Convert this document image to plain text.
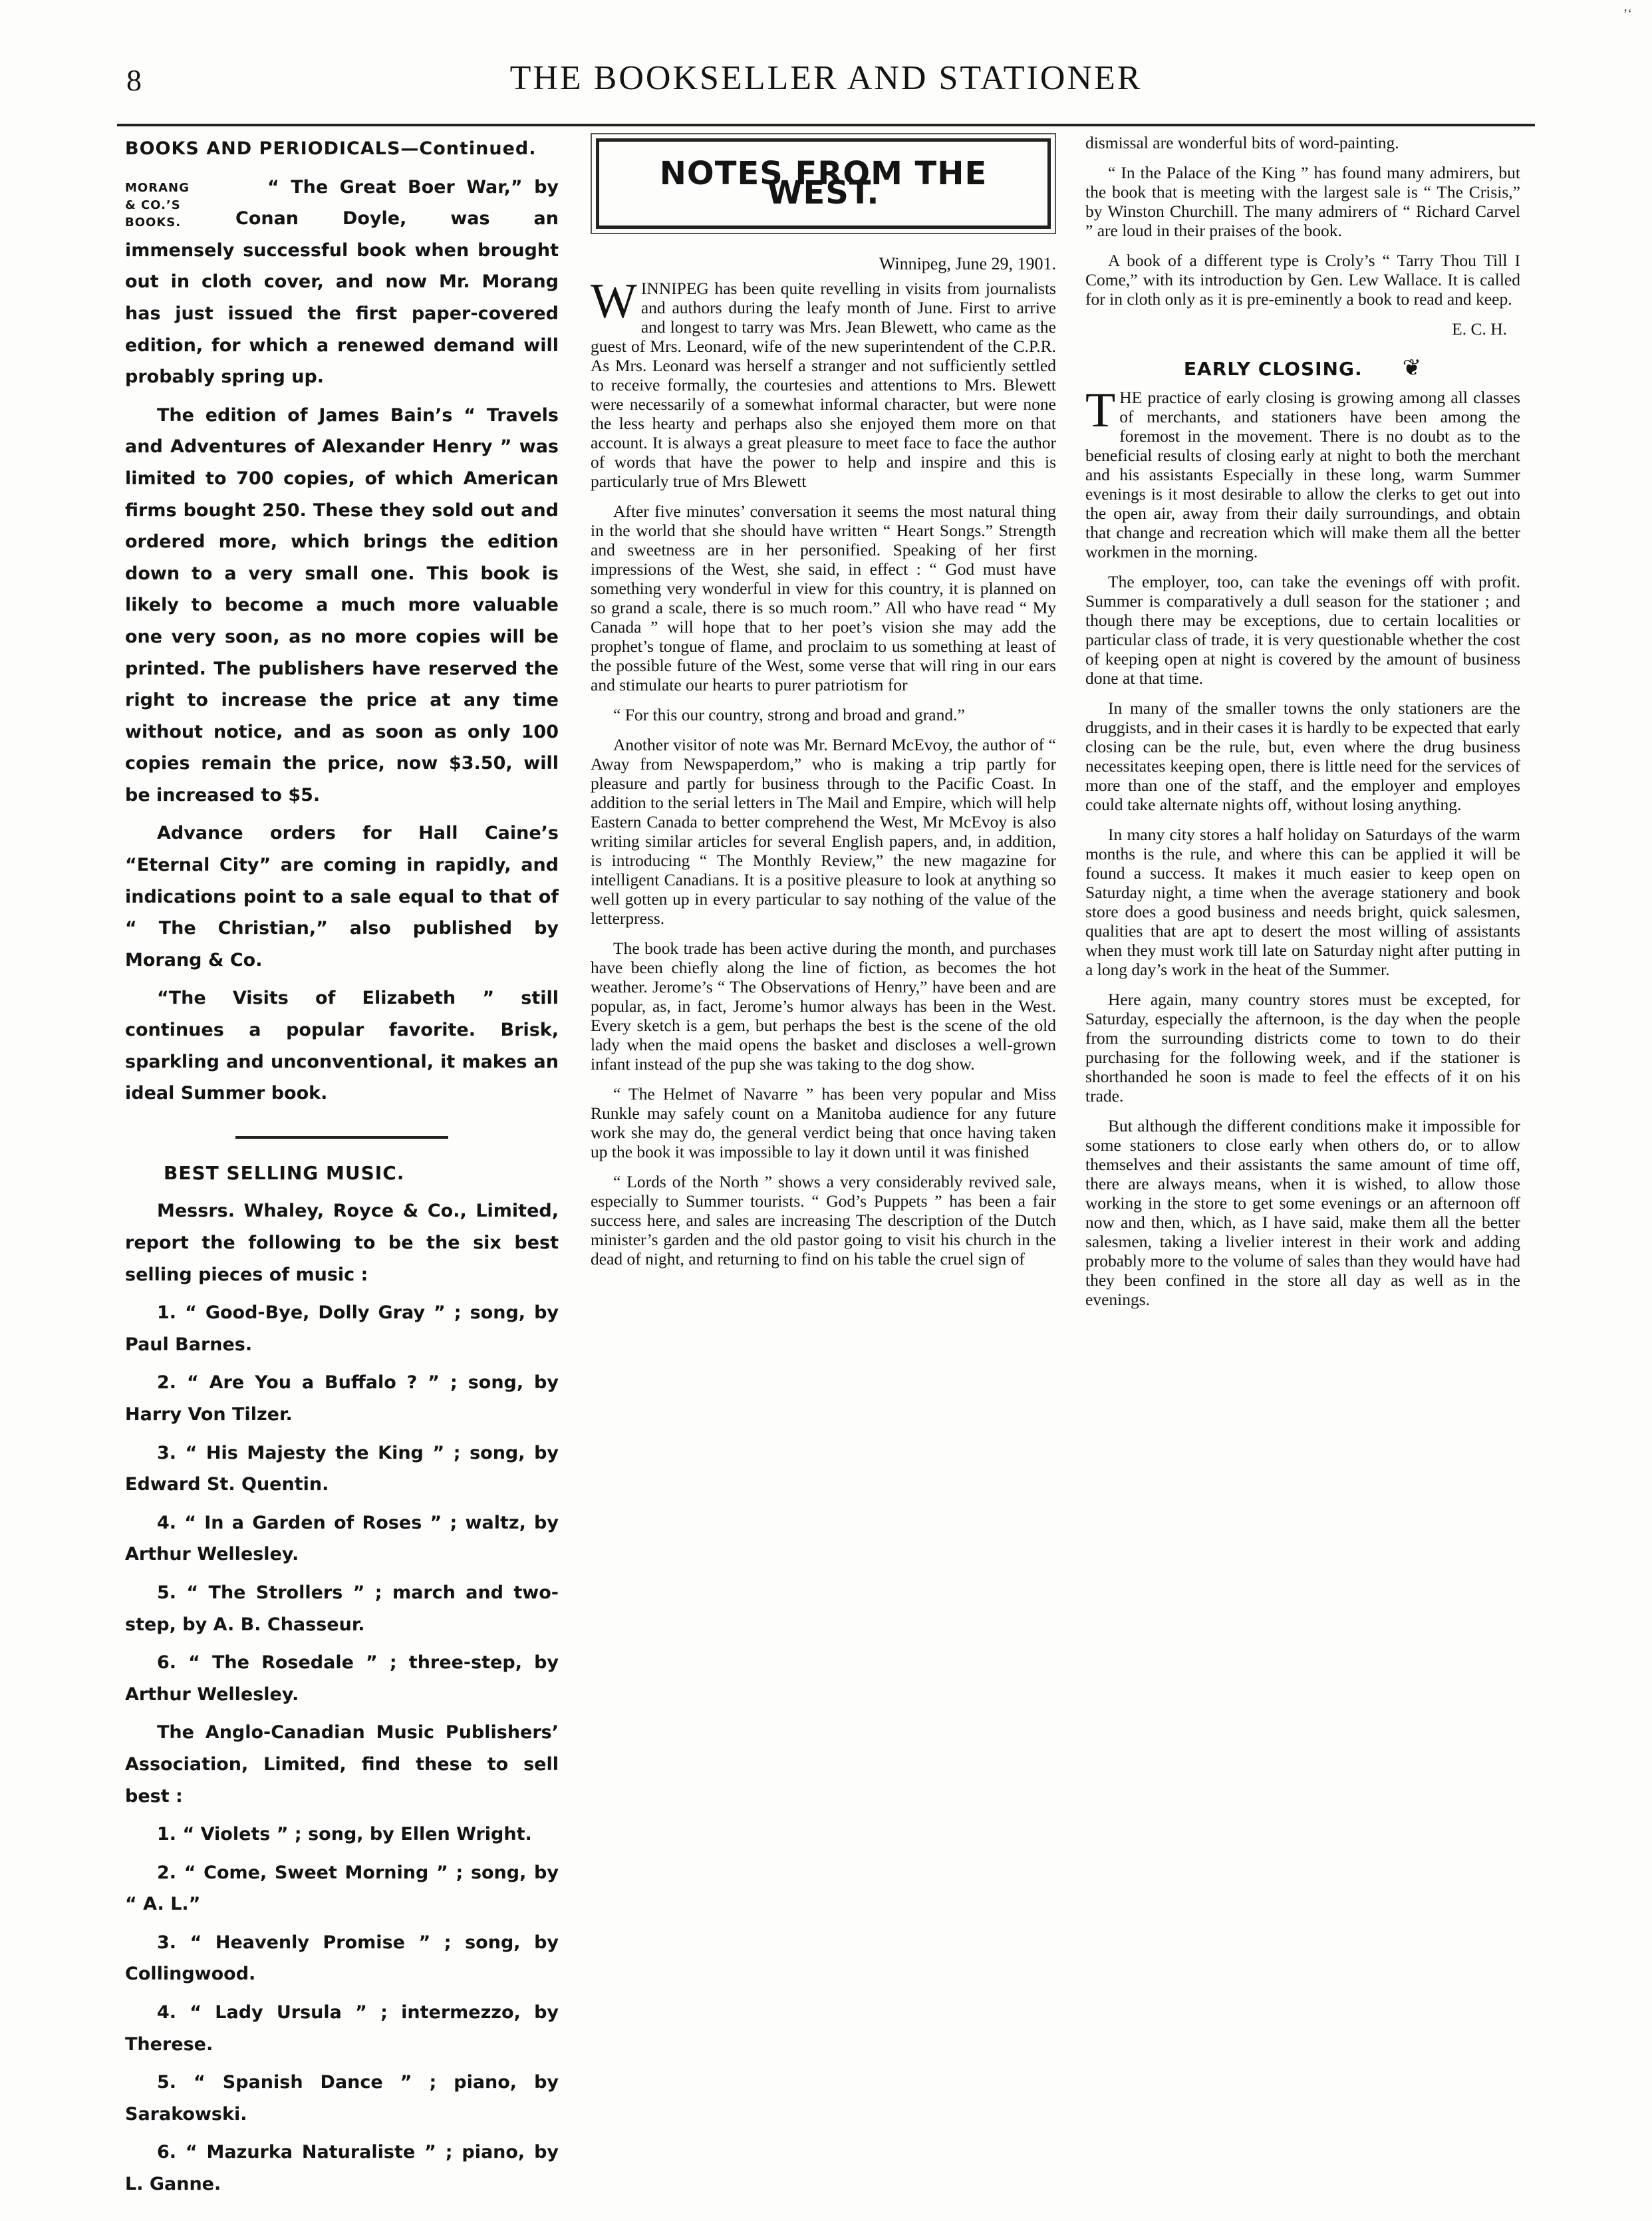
’‘
8	THE BOOKSELLER AND STATIONER
BOOKS AND PERIODICALS—Continued.
MORANG
& CO.’S BOOKS.

“ The Great Boer War,” by Conan Doyle, was an immensely successful book when brought out in cloth cover, and now Mr. Morang has just issued the first paper-covered edition, for which a renewed demand will probably spring up.

The edition of James Bain’s “ Travels and Adventures of Alexander Henry ” was limited to 700 copies, of which American firms bought 250. These they sold out and ordered more, which brings the edition down to a very small one. This book is likely to become a much more valuable one very soon, as no more copies will be printed. The publishers have reserved the right to increase the price at any time without notice, and as soon as only 100 copies remain the price, now $3.50, will be increased to $5.

Advance orders for Hall Caine’s “Eternal City” are coming in rapidly, and indications point to a sale equal to that of “ The Christian,” also published by Morang & Co.

“The Visits of Elizabeth ” still continues a popular favorite. Brisk, sparkling and unconventional, it makes an ideal Summer book.

BEST SELLING MUSIC.

Messrs. Whaley, Royce & Co., Limited, report the following to be the six best selling pieces of music :

1. “ Good-Bye, Dolly Gray ” ; song, by Paul Barnes.

2. “ Are You a Buffalo ? ” ; song, by Harry Von Tilzer.

3. “ His Majesty the King ” ; song, by Edward St. Quentin.

4. “ In a Garden of Roses ” ; waltz, by Arthur Wellesley.

5. “ The Strollers ” ; march and two-step, by A. B. Chasseur.

6. “ The Rosedale ” ; three-step, by Arthur Wellesley.

The Anglo-Canadian Music Publishers’ Association, Limited, find these to sell best :

1. “ Violets ” ; song, by Ellen Wright.

2. “ Come, Sweet Morning ” ; song, by “ A. L.”

3. “ Heavenly Promise ” ; song, by Collingwood.

4. “ Lady Ursula ” ; intermezzo, by Therese.

5. “ Spanish Dance ” ; piano, by Sarakowski.

6. “ Mazurka Naturaliste ” ; piano, by L. Ganne.

NOTES FROM THE WEST.
Winnipeg, June 29, 1901.

WINNIPEG has been quite revelling in visits from journalists and authors during the leafy month of June. First to arrive and longest to tarry was Mrs. Jean Blewett, who came as the guest of Mrs. Leonard, wife of the new superintendent of the C.P.R. As Mrs. Leonard was herself a stranger and not sufficiently settled to receive formally, the courtesies and attentions to Mrs. Blewett were necessarily of a somewhat informal character, but were none the less hearty and perhaps also she enjoyed them more on that account. It is always a great pleasure to meet face to face the author of words that have the power to help and inspire and this is particularly true of Mrs Blewett

After five minutes’ conversation it seems the most natural thing in the world that she should have written “ Heart Songs.” Strength and sweetness are in her personified. Speaking of her first impressions of the West, she said, in effect : “ God must have something very wonderful in view for this country, it is planned on so grand a scale, there is so much room.” All who have read “ My Canada ” will hope that to her poet’s vision she may add the prophet’s tongue of flame, and proclaim to us something at least of the possible future of the West, some verse that will ring in our ears and stimulate our hearts to purer patriotism for

“ For this our country, strong and broad and grand.”

Another visitor of note was Mr. Bernard McEvoy, the author of “ Away from Newspaperdom,” who is making a trip partly for pleasure and partly for business through to the Pacific Coast. In addition to the serial letters in The Mail and Empire, which will help Eastern Canada to better comprehend the West, Mr McEvoy is also writing similar articles for several English papers, and, in addition, is introducing “ The Monthly Review,” the new magazine for intelligent Canadians. It is a positive pleasure to look at anything so well gotten up in every particular to say nothing of the value of the letterpress.

The book trade has been active during the month, and purchases have been chiefly along the line of fiction, as becomes the hot weather. Jerome’s “ The Observations of Henry,” have been and are popular, as, in fact, Jerome’s humor always has been in the West. Every sketch is a gem, but perhaps the best is the scene of the old lady when the maid opens the basket and discloses a well-grown infant instead of the pup she was taking to the dog show.

“ The Helmet of Navarre ” has been very popular and Miss Runkle may safely count on a Manitoba audience for any future work she may do, the general verdict being that once having taken up the book it was impossible to lay it down until it was finished

“ Lords of the North ” shows a very considerably revived sale, especially to Summer tourists. “ God’s Puppets ” has been a fair success here, and sales are increasing The description of the Dutch minister’s garden and the old pastor going to visit his church in the dead of night, and returning to find on his table the cruel sign of

dismissal are wonderful bits of word-painting.

“ In the Palace of the King ” has found many admirers, but the book that is meeting with the largest sale is “ The Crisis,” by Winston Churchill. The many admirers of “ Richard Carvel ” are loud in their praises of the book.

A book of a different type is Croly’s “ Tarry Thou Till I Come,” with its introduction by Gen. Lew Wallace. It is called for in cloth only as it is pre-eminently a book to read and keep.

E. C. H.
EARLY CLOSING. ❦

THE practice of early closing is growing among all classes of merchants, and stationers have been among the foremost in the movement. There is no doubt as to the beneficial results of closing early at night to both the merchant and his assistants Especially in these long, warm Summer evenings is it most desirable to allow the clerks to get out into the open air, away from their daily surroundings, and obtain that change and recreation which will make them all the better workmen in the morning.

The employer, too, can take the evenings off with profit. Summer is comparatively a dull season for the stationer ; and though there may be exceptions, due to certain localities or particular class of trade, it is very questionable whether the cost of keeping open at night is covered by the amount of business done at that time.

In many of the smaller towns the only stationers are the druggists, and in their cases it is hardly to be expected that early closing can be the rule, but, even where the drug business necessitates keeping open, there is little need for the services of more than one of the staff, and the employer and employes could take alternate nights off, without losing anything.

In many city stores a half holiday on Saturdays of the warm months is the rule, and where this can be applied it will be found a success. It makes it much easier to keep open on Saturday night, a time when the average stationery and book store does a good business and needs bright, quick salesmen, qualities that are apt to desert the most willing of assistants when they must work till late on Saturday night after putting in a long day’s work in the heat of the Summer.

Here again, many country stores must be excepted, for Saturday, especially the afternoon, is the day when the people from the surrounding districts come to town to do their purchasing for the following week, and if the stationer is shorthanded he soon is made to feel the effects of it on his trade.

But although the different conditions make it impossible for some stationers to close early when others do, or to allow themselves and their assistants the same amount of time off, there are always means, when it is wished, to allow those working in the store to get some evenings or an afternoon off now and then, which, as I have said, make them all the better salesmen, taking a livelier interest in their work and adding probably more to the volume of sales than they would have had they been confined in the store all day as well as in the evenings.
